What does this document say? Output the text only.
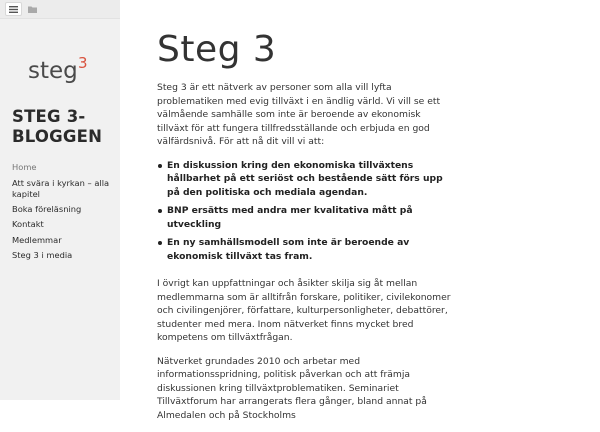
steg 3
STEG 3-BLOGGEN
Home
Att svära i kyrkan – alla kapitel
Boka föreläsning
Kontakt
Medlemmar
Steg 3 i media
Steg 3

Steg 3 är ett nätverk av personer som alla vill lyfta problematiken med evig tillväxt i en ändlig värld. Vi vill se ett välmående samhälle som inte är beroende av ekonomisk tillväxt för att fungera tillfredsställande och erbjuda en god välfärdsnivå. För att nå dit vill vi att:

En diskussion kring den ekonomiska tillväxtens hållbarhet på ett seriöst och bestående sätt förs upp på den politiska och mediala agendan.
BNP ersätts med andra mer kvalitativa mått på utveckling
En ny samhällsmodell som inte är beroende av ekonomisk tillväxt tas fram.

I övrigt kan uppfattningar och åsikter skilja sig åt mellan medlemmarna som är alltifrån forskare, politiker, civilekonomer och civilingenjörer, författare, kulturpersonligheter, debattörer, studenter med mera. Inom nätverket finns mycket bred kompetens om tillväxtfrågan.

Nätverket grundades 2010 och arbetar med informationsspridning, politisk påverkan och att främja diskussionen kring tillväxtproblematiken. Seminariet Tillväxtforum har arrangerats flera gånger, bland annat på Almedalen och på Stockholms
